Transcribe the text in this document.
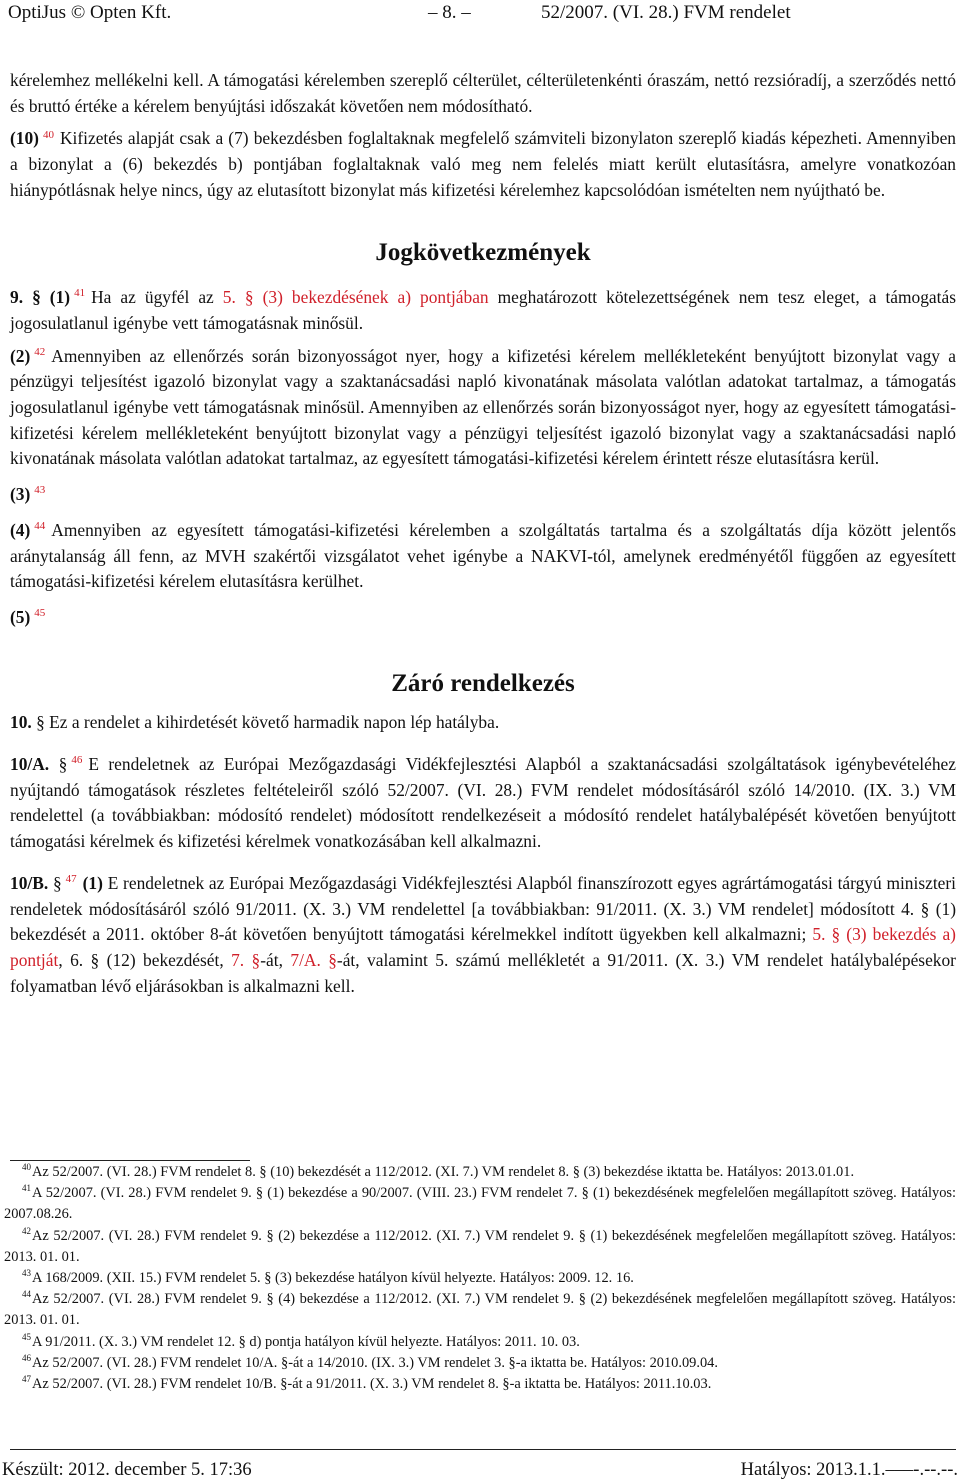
OptiJus © Opten Kft.	– 8. –	52/2007. (VI. 28.) FVM rendelet

kérelemhez mellékelni kell. A támogatási kérelemben szereplő célterület, célterületenkénti óraszám, nettó rezsióradíj, a szerződés nettó és bruttó értéke a kérelem benyújtási időszakát követően nem módosítható.

(10) $^{40}$ Kifizetés alapját csak a (7) bekezdésben foglaltaknak megfelelő számviteli bizonylaton szereplő kiadás képezheti. Amennyiben a bizonylat a (6) bekezdés b) pontjában foglaltaknak való meg nem felelés miatt került elutasításra, amelyre vonatkozóan hiánypótlásnak helye nincs, úgy az elutasított bizonylat más kifizetési kérelemhez kapcsolódóan ismételten nem nyújtható be.

Jogkövetkezmények

9. § (1) $^{41}$ Ha az ügyfél az 5. § (3) bekezdésének a) pontjában meghatározott kötelezettségének nem tesz eleget, a támogatás jogosulatlanul igénybe vett támogatásnak minősül.

(2) $^{42}$ Amennyiben az ellenőrzés során bizonyosságot nyer, hogy a kifizetési kérelem mellékleteként benyújtott bizonylat vagy a pénzügyi teljesítést igazoló bizonylat vagy a szaktanácsadási napló kivonatának másolata valótlan adatokat tartalmaz, a támogatás jogosulatlanul igénybe vett támogatásnak minősül. Amennyiben az ellenőrzés során bizonyosságot nyer, hogy az egyesített támogatási-kifizetési kérelem mellékleteként benyújtott bizonylat vagy a pénzügyi teljesítést igazoló bizonylat vagy a szaktanácsadási napló kivonatának másolata valótlan adatokat tartalmaz, az egyesített támogatási-kifizetési kérelem érintett része elutasításra kerül.

(3) $^{43}$

(4) $^{44}$ Amennyiben az egyesített támogatási-kifizetési kérelemben a szolgáltatás tartalma és a szolgáltatás díja között jelentős aránytalanság áll fenn, az MVH szakértői vizsgálatot vehet igénybe a NAKVI-tól, amelynek eredményétől függően az egyesített támogatási-kifizetési kérelem elutasításra kerülhet.

(5) $^{45}$

Záró rendelkezés

10. § Ez a rendelet a kihirdetését követő harmadik napon lép hatályba.

10/A. § $^{46}$ E rendeletnek az Európai Mezőgazdasági Vidékfejlesztési Alapból a szaktanácsadási szolgáltatások igénybevételéhez nyújtandó támogatások részletes feltételeiről szóló 52/2007. (VI. 28.) FVM rendelet módosításáról szóló 14/2010. (IX. 3.) VM rendelettel (a továbbiakban: módosító rendelet) módosított rendelkezéseit a módosító rendelet hatálybalépését követően benyújtott támogatási kérelmek és kifizetési kérelmek vonatkozásában kell alkalmazni.

10/B. § $^{47}$ (1) E rendeletnek az Európai Mezőgazdasági Vidékfejlesztési Alapból finanszírozott egyes agrártámogatási tárgyú miniszteri rendeletek módosításáról szóló 91/2011. (X. 3.) VM rendelettel [a továbbiakban: 91/2011. (X. 3.) VM rendelet] módosított 4. § (1) bekezdését a 2011. október 8-át követően benyújtott támogatási kérelmekkel indított ügyekben kell alkalmazni; 5. § (3) bekezdés a) pontját, 6. § (12) bekezdését, 7. §-át, 7/A. §-át, valamint 5. számú mellékletét a 91/2011. (X. 3.) VM rendelet hatálybalépésekor folyamatban lévő eljárásokban is alkalmazni kell.

$^{40}$Az 52/2007. (VI. 28.) FVM rendelet 8. § (10) bekezdését a 112/2012. (XI. 7.) VM rendelet 8. § (3) bekezdése iktatta be. Hatályos: 2013.01.01.

$^{41}$A 52/2007. (VI. 28.) FVM rendelet 9. § (1) bekezdése a 90/2007. (VIII. 23.) FVM rendelet 7. § (1) bekezdésének megfelelően megállapított szöveg. Hatályos: 2007.08.26.

$^{42}$Az 52/2007. (VI. 28.) FVM rendelet 9. § (2) bekezdése a 112/2012. (XI. 7.) VM rendelet 9. § (1) bekezdésének megfelelően megállapított szöveg. Hatályos: 2013. 01. 01.

$^{43}$A 168/2009. (XII. 15.) FVM rendelet 5. § (3) bekezdése hatályon kívül helyezte. Hatályos: 2009. 12. 16.

$^{44}$Az 52/2007. (VI. 28.) FVM rendelet 9. § (4) bekezdése a 112/2012. (XI. 7.) VM rendelet 9. § (2) bekezdésének megfelelően megállapított szöveg. Hatályos: 2013. 01. 01.

$^{45}$A 91/2011. (X. 3.) VM rendelet 12. § d) pontja hatályon kívül helyezte. Hatályos: 2011. 10. 03.

$^{46}$Az 52/2007. (VI. 28.) FVM rendelet 10/A. §-át a 14/2010. (IX. 3.) VM rendelet 3. §-a iktatta be. Hatályos: 2010.09.04.

$^{47}$Az 52/2007. (VI. 28.) FVM rendelet 10/B. §-át a 91/2011. (X. 3.) VM rendelet 8. §-a iktatta be. Hatályos: 2011.10.03.

Készült: 2012. december 5. 17:36	Hatályos: 2013.1.1.–––-.--.--.
